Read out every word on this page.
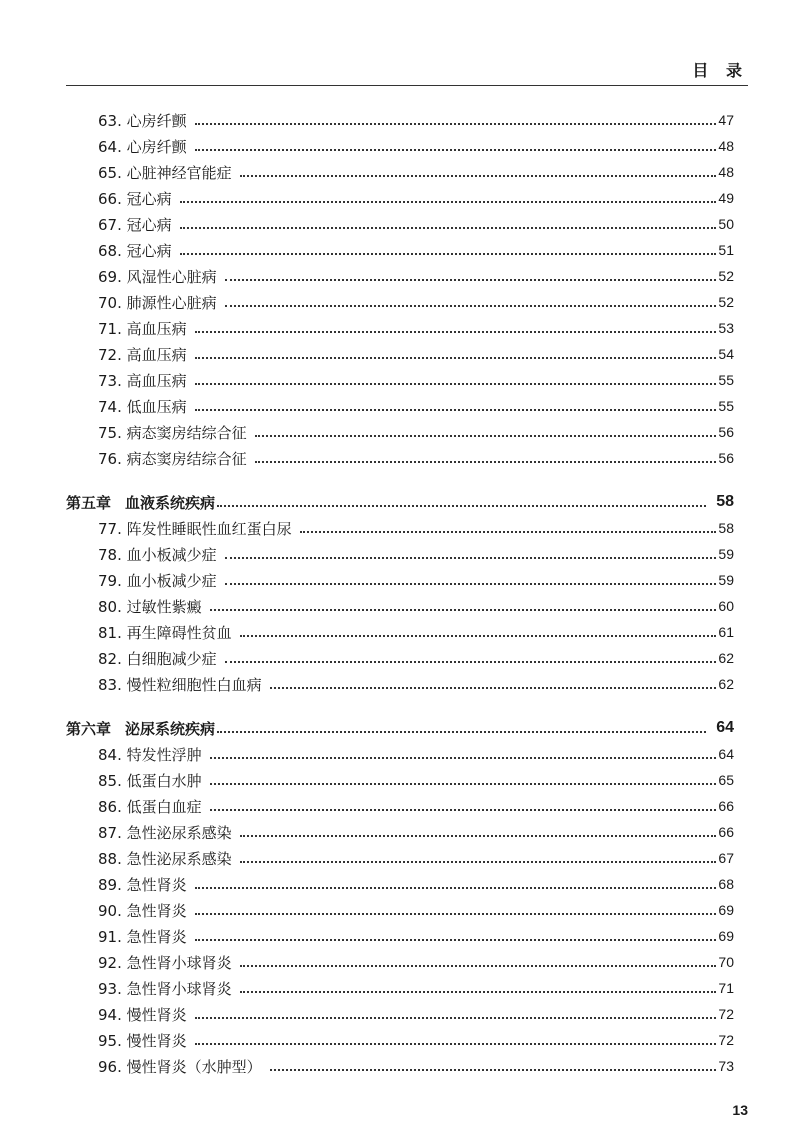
目 录
63. 心房纤颤	47
64. 心房纤颤	48
65. 心脏神经官能症	48
66. 冠心病	49
67. 冠心病	50
68. 冠心病	51
69. 风湿性心脏病	52
70. 肺源性心脏病	52
71. 高血压病	53
72. 高血压病	54
73. 高血压病	55
74. 低血压病	55
75. 病态窦房结综合征	56
76. 病态窦房结综合征	56
第五章 血液系统疾病	58
77. 阵发性睡眠性血红蛋白尿	58
78. 血小板减少症	59
79. 血小板减少症	59
80. 过敏性紫癜	60
81. 再生障碍性贫血	61
82. 白细胞减少症	62
83. 慢性粒细胞性白血病	62
第六章 泌尿系统疾病	64
84. 特发性浮肿	64
85. 低蛋白水肿	65
86. 低蛋白血症	66
87. 急性泌尿系感染	66
88. 急性泌尿系感染	67
89. 急性肾炎	68
90. 急性肾炎	69
91. 急性肾炎	69
92. 急性肾小球肾炎	70
93. 急性肾小球肾炎	71
94. 慢性肾炎	72
95. 慢性肾炎	72
96. 慢性肾炎（水肿型）	73
13
